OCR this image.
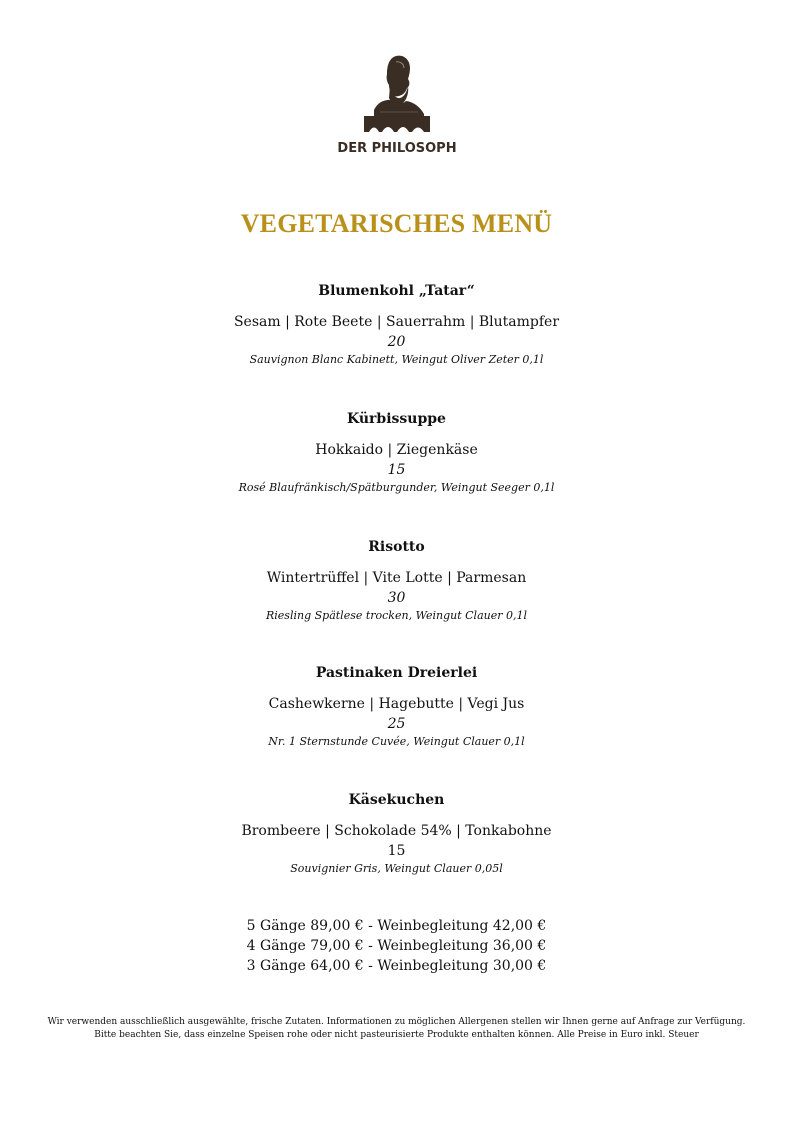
DER PHILOSOPH
VEGETARISCHES MENÜ
Blumenkohl „Tatar“
Sesam | Rote Beete | Sauerrahm | Blutampfer
20
Sauvignon Blanc Kabinett, Weingut Oliver Zeter 0,1l
Kürbissuppe
Hokkaido | Ziegenkäse
15
Rosé Blaufränkisch/Spätburgunder, Weingut Seeger 0,1l
Risotto
Wintertrüffel | Vite Lotte | Parmesan
30
Riesling Spätlese trocken, Weingut Clauer 0,1l
Pastinaken Dreierlei
Cashewkerne | Hagebutte | Vegi Jus
25
Nr. 1 Sternstunde Cuvée, Weingut Clauer 0,1l
Käsekuchen
Brombeere | Schokolade 54% | Tonkabohne
15
Souvignier Gris, Weingut Clauer 0,05l
5 Gänge 89,00 € - Weinbegleitung 42,00 €
4 Gänge 79,00 € - Weinbegleitung 36,00 €
3 Gänge 64,00 € - Weinbegleitung 30,00 €
Wir verwenden ausschließlich ausgewählte, frische Zutaten. Informationen zu möglichen Allergenen stellen wir Ihnen gerne auf Anfrage zur Verfügung.
Bitte beachten Sie, dass einzelne Speisen rohe oder nicht pasteurisierte Produkte enthalten können. Alle Preise in Euro inkl. Steuer
